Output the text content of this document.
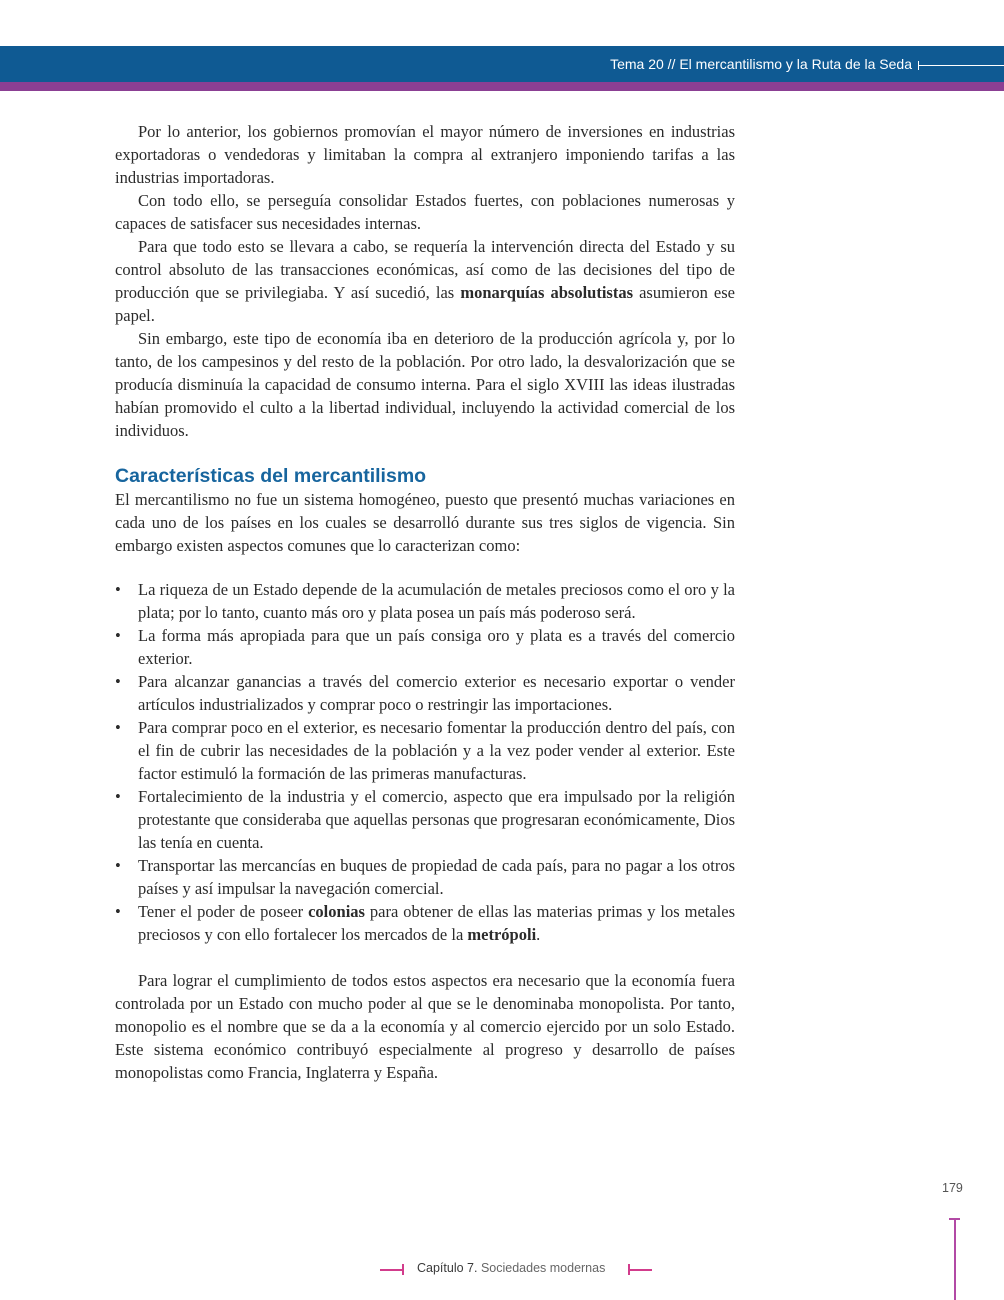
Tema 20 // El mercantilismo y la Ruta de la Seda

Por lo anterior, los gobiernos promovían el mayor número de inversiones en industrias exportadoras o vendedoras y limitaban la compra al extranjero imponiendo tarifas a las industrias importadoras.

Con todo ello, se perseguía consolidar Estados fuertes, con poblaciones numerosas y capaces de satisfacer sus necesidades internas.

Para que todo esto se llevara a cabo, se requería la intervención directa del Estado y su control absoluto de las transacciones económicas, así como de las decisiones del tipo de producción que se privilegiaba. Y así sucedió, las monarquías absolutistas asumieron ese papel.

Sin embargo, este tipo de economía iba en deterioro de la producción agrícola y, por lo tanto, de los campesinos y del resto de la población. Por otro lado, la desvalorización que se producía disminuía la capacidad de consumo interna. Para el siglo XVIII las ideas ilustradas habían promovido el culto a la libertad individual, incluyendo la actividad comercial de los individuos.

Características del mercantilismo

El mercantilismo no fue un sistema homogéneo, puesto que presentó muchas variaciones en cada uno de los países en los cuales se desarrolló durante sus tres siglos de vigencia. Sin embargo existen aspectos comunes que lo caracterizan como:

•	La riqueza de un Estado depende de la acumulación de metales preciosos como el oro y la plata; por lo tanto, cuanto más oro y plata posea un país más poderoso será.
•	La forma más apropiada para que un país consiga oro y plata es a través del comercio exterior.
•	Para alcanzar ganancias a través del comercio exterior es necesario exportar o vender artículos industrializados y comprar poco o restringir las importaciones.
•	Para comprar poco en el exterior, es necesario fomentar la producción dentro del país, con el fin de cubrir las necesidades de la población y a la vez poder vender al exterior. Este factor estimuló la formación de las primeras manufacturas.
•	Fortalecimiento de la industria y el comercio, aspecto que era impulsado por la religión protestante que consideraba que aquellas personas que progresaran económicamente, Dios las tenía en cuenta.
•	Transportar las mercancías en buques de propiedad de cada país, para no pagar a los otros países y así impulsar la navegación comercial.
•	Tener el poder de poseer colonias para obtener de ellas las materias primas y los metales preciosos y con ello fortalecer los mercados de la metrópoli.

Para lograr el cumplimiento de todos estos aspectos era necesario que la economía fuera controlada por un Estado con mucho poder al que se le denominaba monopolista. Por tanto, monopolio es el nombre que se da a la economía y al comercio ejercido por un solo Estado. Este sistema económico contribuyó especialmente al progreso y desarrollo de países monopolistas como Francia, Inglaterra y España.

179
Capítulo 7. Sociedades modernas
